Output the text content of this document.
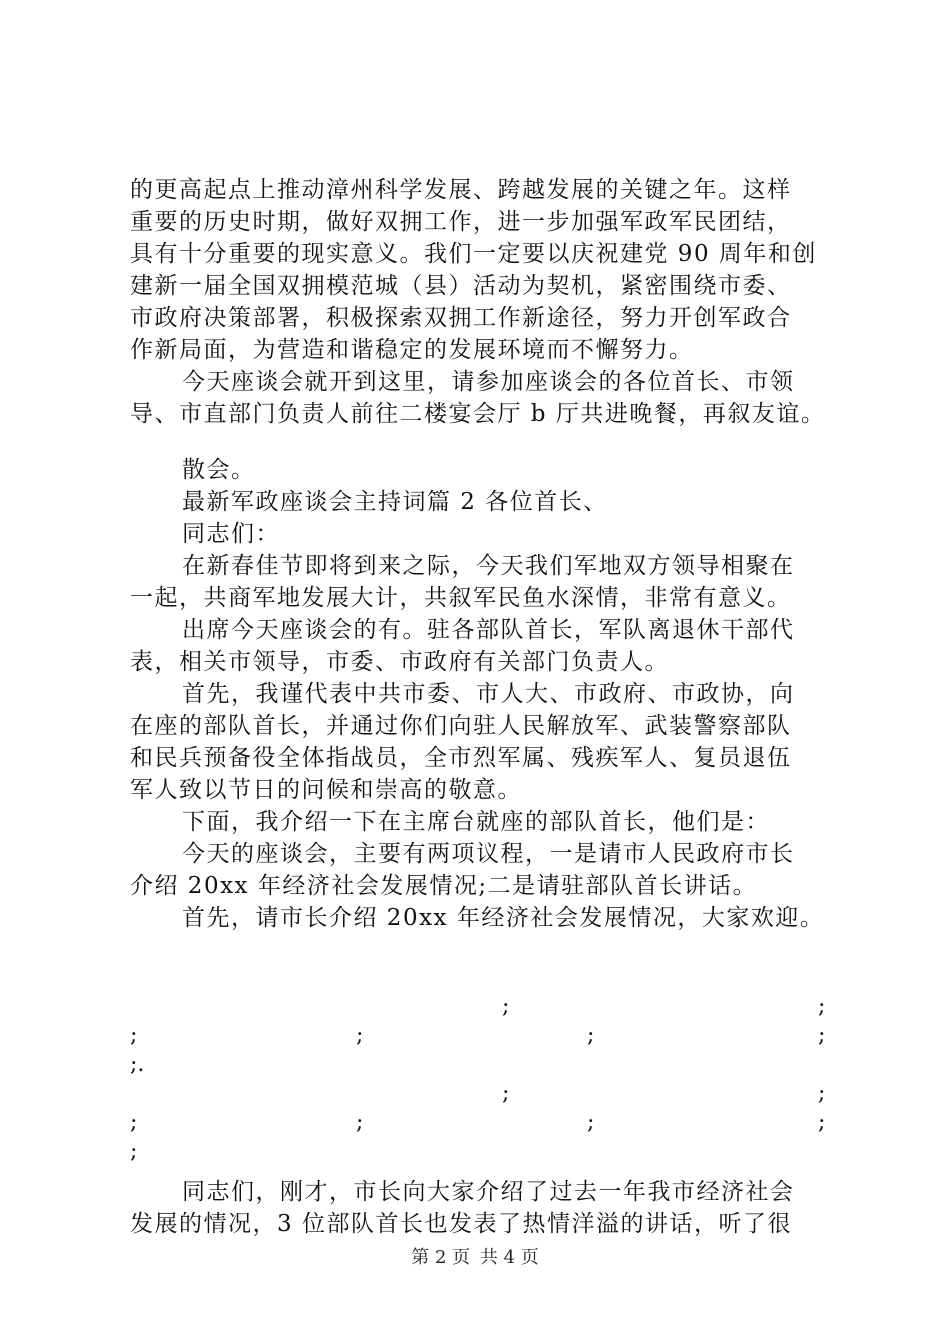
的更高起点上推动漳州科学发展、跨越发展的关键之年。这样
重要的历史时期，做好双拥工作，进一步加强军政军民团结，
具有十分重要的现实意义。我们一定要以庆祝建党 90 周年和创
建新一届全国双拥模范城（县）活动为契机，紧密围绕市委、
市政府决策部署，积极探索双拥工作新途径，努力开创军政合
作新局面，为营造和谐稳定的发展环境而不懈努力。
今天座谈会就开到这里，请参加座谈会的各位首长、市领
导、市直部门负责人前往二楼宴会厅 b 厅共进晚餐，再叙友谊。
散会。
最新军政座谈会主持词篇 2 各位首长、
同志们：
在新春佳节即将到来之际，今天我们军地双方领导相聚在
一起，共商军地发展大计，共叙军民鱼水深情，非常有意义。
出席今天座谈会的有。驻各部队首长，军队离退休干部代
表，相关市领导，市委、市政府有关部门负责人。
首先，我谨代表中共市委、市人大、市政府、市政协，向
在座的部队首长，并通过你们向驻人民解放军、武装警察部队
和民兵预备役全体指战员，全市烈军属、残疾军人、复员退伍
军人致以节日的问候和崇高的敬意。
下面，我介绍一下在主席台就座的部队首长，他们是：
今天的座谈会，主要有两项议程，一是请市人民政府市长
介绍 20xx 年经济社会发展情况;二是请驻部队首长讲话。
首先，请市长介绍 20xx 年经济社会发展情况，大家欢迎。
;	;
;	;	;	;
;.
;	;
;	;	;	;
;
同志们，刚才，市长向大家介绍了过去一年我市经济社会
发展的情况，3 位部队首长也发表了热情洋溢的讲话，听了很
第 2 页 共 4 页
